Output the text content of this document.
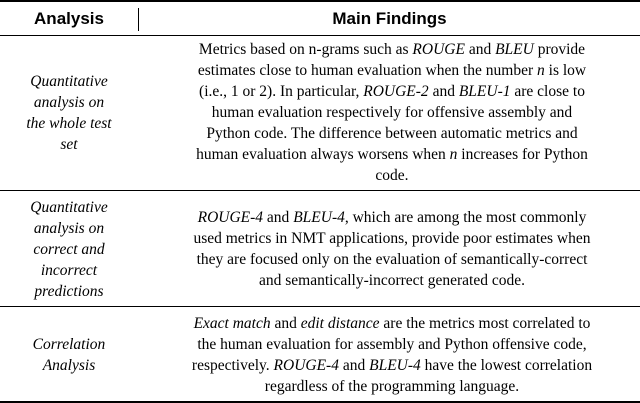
Analysis	Main Findings
Quantitative
analysis on
the whole test
set
Metrics based on n-grams such as ROUGE and BLEU provide
estimates close to human evaluation when the number n is low
(i.e., 1 or 2). In particular, ROUGE-2 and BLEU-1 are close to
human evaluation respectively for offensive assembly and
Python code. The difference between automatic metrics and
human evaluation always worsens when n increases for Python
code.
Quantitative
analysis on
correct and
incorrect
predictions
ROUGE-4 and BLEU-4, which are among the most commonly
used metrics in NMT applications, provide poor estimates when
they are focused only on the evaluation of semantically-correct
and semantically-incorrect generated code.
Correlation
Analysis
Exact match and edit distance are the metrics most correlated to
the human evaluation for assembly and Python offensive code,
respectively. ROUGE-4 and BLEU-4 have the lowest correlation
regardless of the programming language.
